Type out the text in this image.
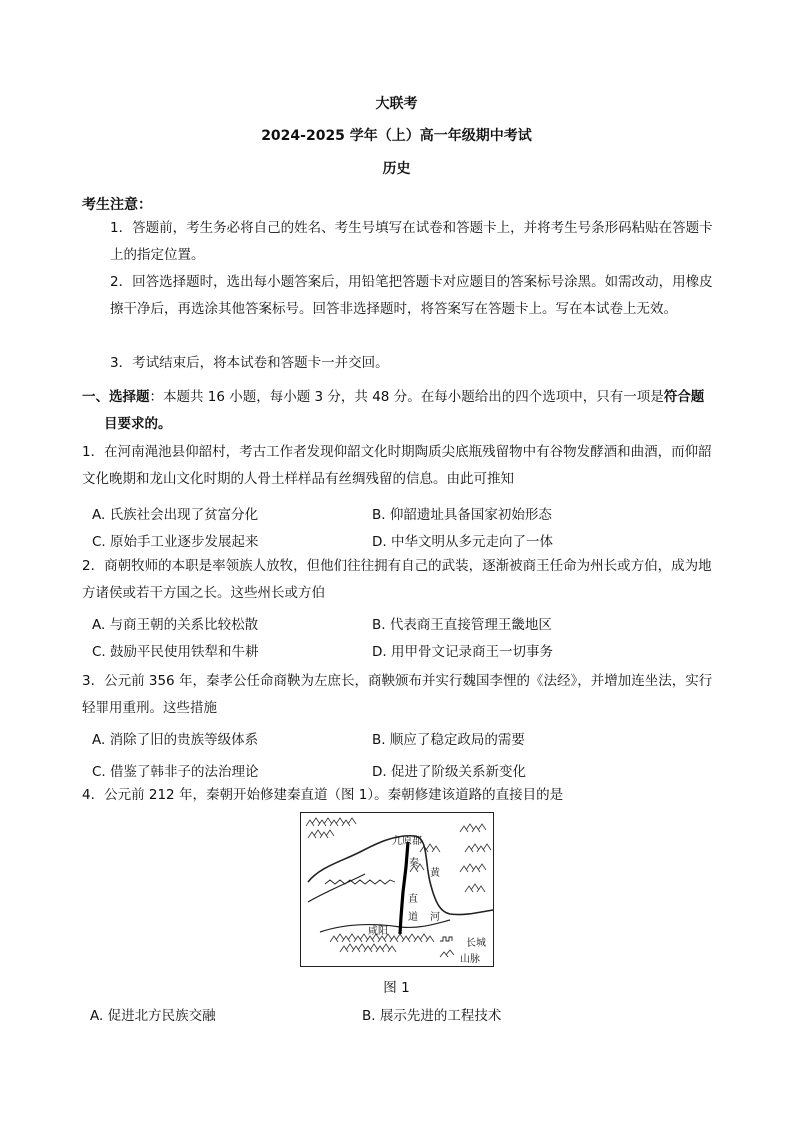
大联考
2024-2025 学年（上）高一年级期中考试
历史
考生注意：
1．答题前，考生务必将自己的姓名、考生号填写在试卷和答题卡上，并将考生号条形码粘贴在答题卡上的指定位置。
2．回答选择题时，选出每小题答案后，用铅笔把答题卡对应题目的答案标号涂黑。如需改动，用橡皮擦干净后，再选涂其他答案标号。回答非选择题时，将答案写在答题卡上。写在本试卷上无效。
3．考试结束后，将本试卷和答题卡一并交回。
一、选择题：本题共 16 小题，每小题 3 分，共 48 分。在每小题给出的四个选项中，只有一项是符合题
目要求的。
1．在河南渑池县仰韶村，考古工作者发现仰韶文化时期陶质尖底瓶残留物中有谷物发酵酒和曲酒，而仰韶文化晚期和龙山文化时期的人骨土样样品有丝绸残留的信息。由此可推知
A. 氏族社会出现了贫富分化	B. 仰韶遗址具备国家初始形态
C. 原始手工业逐步发展起来	D. 中华文明从多元走向了一体
2．商朝牧师的本职是率领族人放牧，但他们往往拥有自己的武装，逐渐被商王任命为州长或方伯，成为地方诸侯或若干方国之长。这些州长或方伯
A. 与商王朝的关系比较松散	B. 代表商王直接管理王畿地区
C. 鼓励平民使用铁犁和牛耕	D. 用甲骨文记录商王一切事务
3．公元前 356 年，秦孝公任命商鞅为左庶长，商鞅颁布并实行魏国李悝的《法经》，并增加连坐法，实行轻罪用重刑。这些措施
A. 消除了旧的贵族等级体系	B. 顺应了稳定政局的需要
C. 借鉴了韩非子的法治理论	D. 促进了阶级关系新变化
4．公元前 212 年，秦朝开始修建秦直道（图 1）。秦朝修建该道路的直接目的是
九原郡
秦
直
道
黄
河
咸阳
长城
山脉
图 1
A. 促进北方民族交融	B. 展示先进的工程技术
